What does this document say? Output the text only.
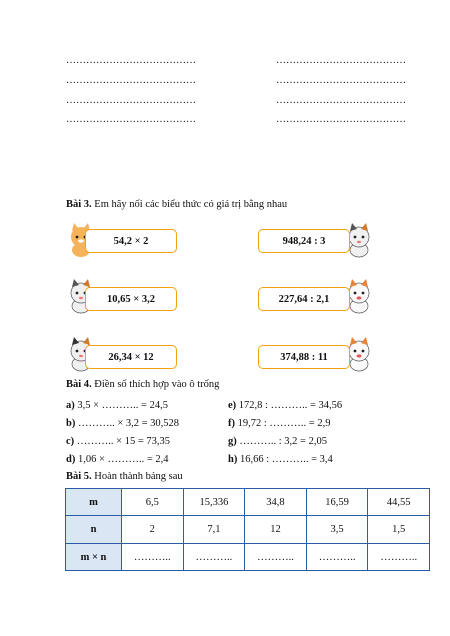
…………………………………
…………………………………
…………………………………
…………………………………
…………………………………
…………………………………
…………………………………
…………………………………
Bài 3. Em hãy nối các biểu thức có giá trị bằng nhau
54,2 × 2
10,65 × 3,2
26,34 × 12
948,24 : 3
227,64 : 2,1
374,88 : 11
Bài 4. Điền số thích hợp vào ô trống
a) 3,5 × ……….. = 24,5
b) ……….. × 3,2 = 30,528
c) ……….. × 15 = 73,35
d) 1,06 × ……….. = 2,4
e) 172,8 : ……….. = 34,56
f) 19,72 : ……….. = 2,9
g) ……….. : 3,2 = 2,05
h) 16,66 : ……….. = 3,4
Bài 5. Hoàn thành bảng sau
m	6,5	15,336	34,8	16,59	44,55
n	2	7,1	12	3,5	1,5
m × n	………..	………..	………..	………..	………..
